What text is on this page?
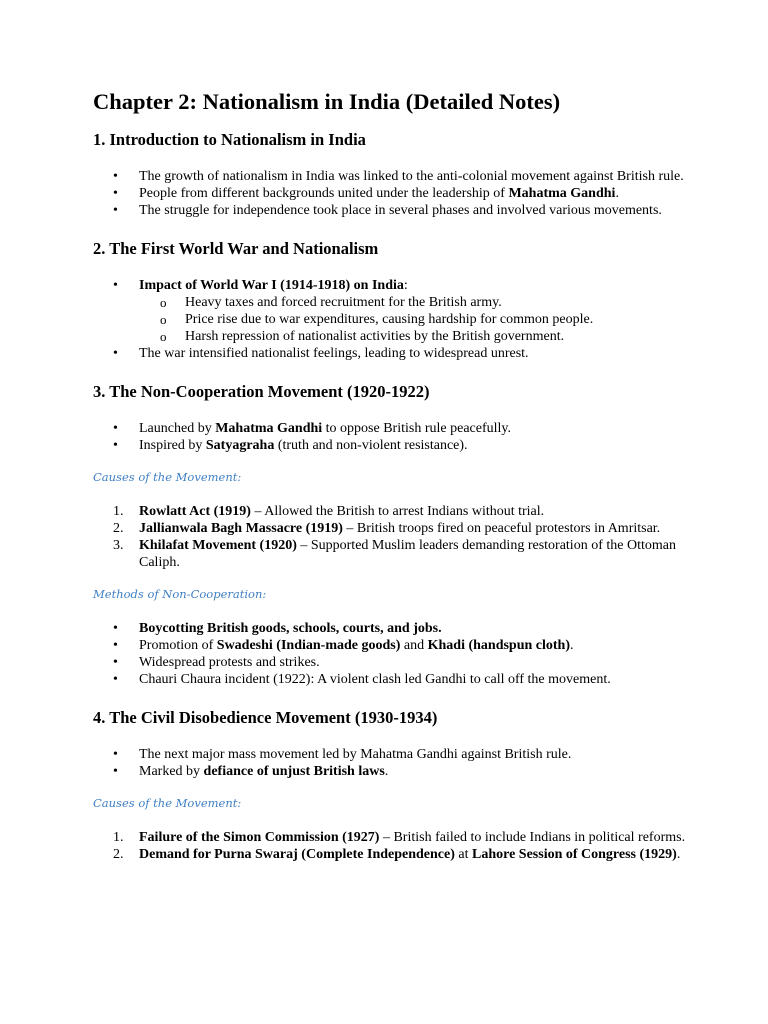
Chapter 2: Nationalism in India (Detailed Notes)
1. Introduction to Nationalism in India
•
The growth of nationalism in India was linked to the anti-colonial movement against British rule.
•
People from different backgrounds united under the leadership of Mahatma Gandhi.
•
The struggle for independence took place in several phases and involved various movements.
2. The First World War and Nationalism
•
Impact of World War I (1914-1918) on India:
o Heavy taxes and forced recruitment for the British army.
o Price rise due to war expenditures, causing hardship for common people.
o Harsh repression of nationalist activities by the British government.
•
The war intensified nationalist feelings, leading to widespread unrest.
3. The Non-Cooperation Movement (1920-1922)
•
Launched by Mahatma Gandhi to oppose British rule peacefully.
•
Inspired by Satyagraha (truth and non-violent resistance).

Causes of the Movement:

1. Rowlatt Act (1919) – Allowed the British to arrest Indians without trial.
2. Jallianwala Bagh Massacre (1919) – British troops fired on peaceful protestors in Amritsar.
3. Khilafat Movement (1920) – Supported Muslim leaders demanding restoration of the Ottoman Caliph.

Methods of Non-Cooperation:

•
Boycotting British goods, schools, courts, and jobs.
•
Promotion of Swadeshi (Indian-made goods) and Khadi (handspun cloth).
•
Widespread protests and strikes.
•
Chauri Chaura incident (1922): A violent clash led Gandhi to call off the movement.
4. The Civil Disobedience Movement (1930-1934)
•
The next major mass movement led by Mahatma Gandhi against British rule.
•
Marked by defiance of unjust British laws.

Causes of the Movement:

1. Failure of the Simon Commission (1927) – British failed to include Indians in political reforms.
2. Demand for Purna Swaraj (Complete Independence) at Lahore Session of Congress (1929).
